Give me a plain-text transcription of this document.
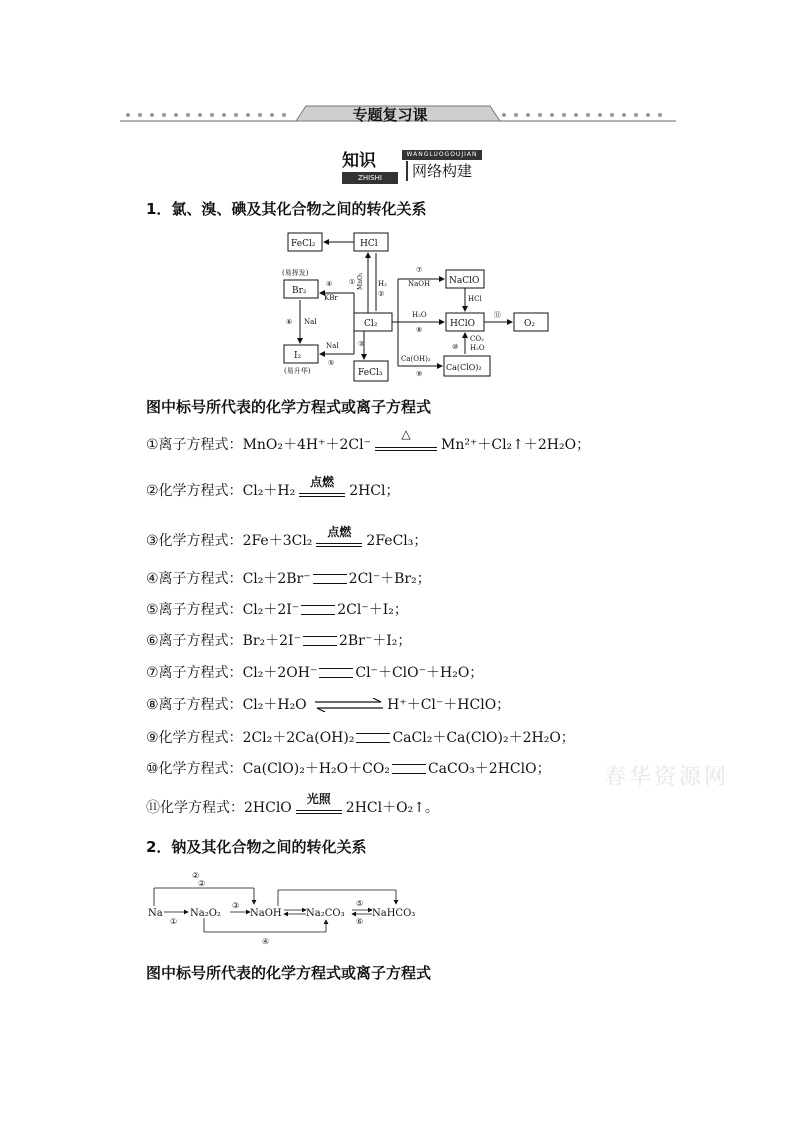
专题复习课
知识
ZHISHI
WANGLUOGOUJIAN
网络构建
1．氯、溴、碘及其化合物之间的转化关系
FeCl₂	HCl
Br₂
Cl₂
I₂
FeCl₃
NaClO
HClO	O₂
Ca(ClO)₂
(易挥发)
(易升华)
① MnO₂ H₂
②
③
④
KBr
⑥ NaI
NaI
⑤
⑦
NaOH
H₂O
⑧
HCl
⑩
CO₂
H₂O
Ca(OH)₂
⑨
⑪
图中标号所代表的化学方程式或离子方程式
①离子方程式：MnO₂＋4H⁺＋2Cl⁻
△
Mn²⁺＋Cl₂↑＋2H₂O；
②化学方程式：Cl₂＋H₂
点燃
2HCl；
③化学方程式：2Fe＋3Cl₂
点燃
2FeCl₃；
④离子方程式：Cl₂＋2Br⁻	2Cl⁻＋Br₂；
⑤离子方程式：Cl₂＋2I⁻	2Cl⁻＋I₂；
⑥离子方程式：Br₂＋2I⁻	2Br⁻＋I₂；
⑦离子方程式：Cl₂＋2OH⁻	Cl⁻＋ClO⁻＋H₂O；
⑧离子方程式：Cl₂＋H₂O	H⁺＋Cl⁻＋HClO；
⑨化学方程式：2Cl₂＋2Ca(OH)₂	CaCl₂＋Ca(ClO)₂＋2H₂O；
⑩化学方程式：Ca(ClO)₂＋H₂O＋CO₂	CaCO₃＋2HClO；
⑪化学方程式：2HClO
光照
2HCl＋O₂↑。
春华资源网
2．钠及其化合物之间的转化关系
Na	Na₂O₂	NaOH Na₂CO₃	NaHCO₃
②
②
①
③
④
⑤
⑥
图中标号所代表的化学方程式或离子方程式
